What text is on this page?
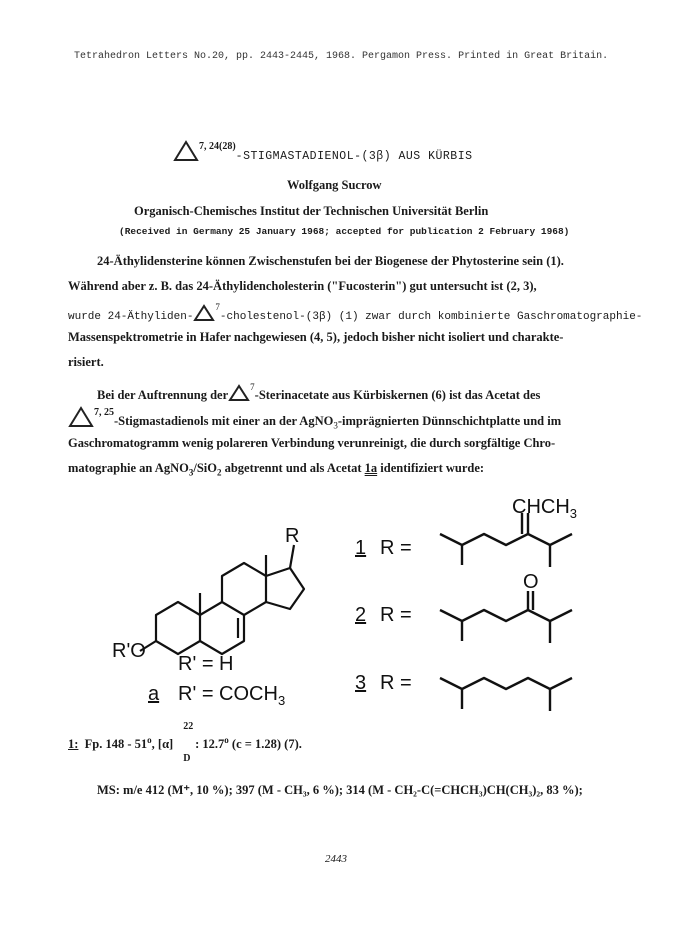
Tetrahedron Letters No.20, pp. 2443-2445, 1968. Pergamon Press. Printed in Great Britain.
$^{7, 24(28)}$-STIGMASTADIENOL-(3β) AUS KÜRBIS
Wolfgang Sucrow
Organisch-Chemisches Institut der Technischen Universität Berlin
(Received in Germany 25 January 1968; accepted for publication 2 February 1968)
24-Äthylidensterine können Zwischenstufen bei der Biogenese der Phytosterine sein (1).
Während aber z. B. das 24-Äthylidencholesterin ("Fucosterin") gut untersucht ist (2, 3),
wurde 24-Äthyliden-$^7$-cholestenol-(3β) (1) zwar durch kombinierte Gaschromatographie-
Massenspektrometrie in Hafer nachgewiesen (4, 5), jedoch bisher nicht isoliert und charakte-
risiert.
Bei der Auftrennung der$^7$-Sterinacetate aus Kürbiskernen (6) ist das Acetat des
$^{7, 25}$-Stigmastadienols mit einer an der AgNO$_3$-imprägnierten Dünnschichtplatte und im
Gaschromatogramm wenig polareren Verbindung verunreinigt, die durch sorgfältige Chro-
matographie an AgNO$_3$/SiO$_2$ abgetrennt und als Acetat 1a identifiziert wurde:
R
R'O
1 R =
$CHCH_3$
2 R =
O
3 R =
R' = H
a $R' = COCH_3$
1: Fp. 148 - 51$^o$, [α]
22
D
: 12.7$^o$ (c = 1.28) (7).
MS: m/e 412 (M⁺, 10 %); 397 (M - CH₃, 6 %); 314 (M - CH₂-C(=CHCH₃)CH(CH₃)₂, 83 %);
2443
